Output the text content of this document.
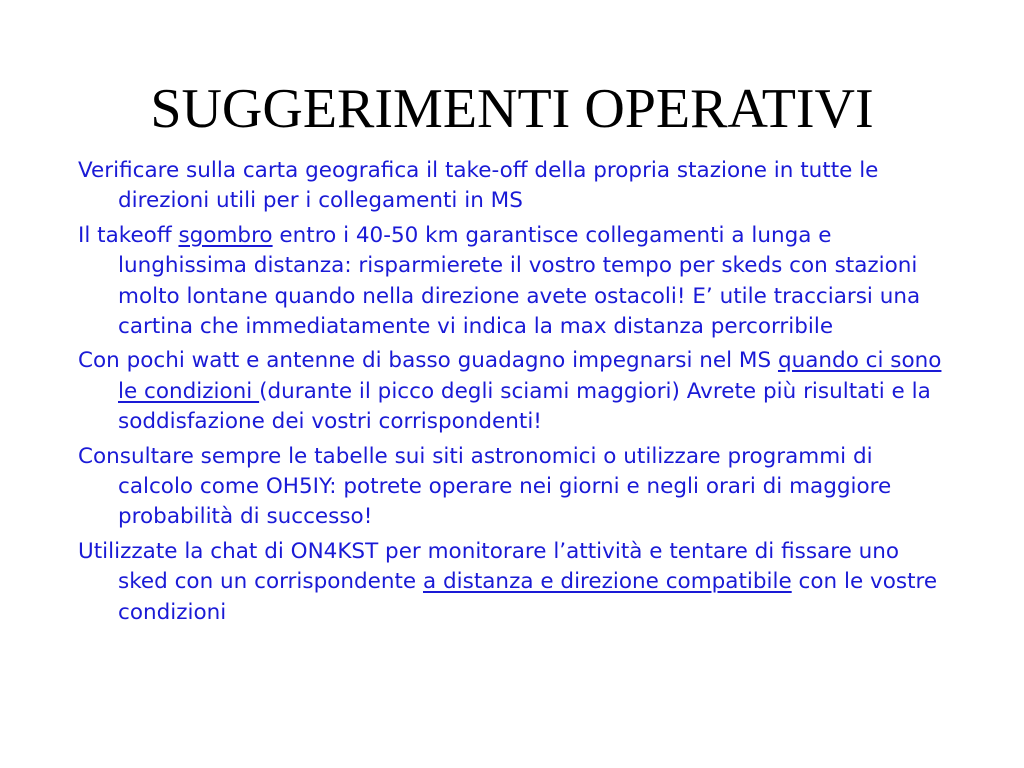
SUGGERIMENTI OPERATIVI

Verificare sulla carta geografica il take-off della propria stazione in tutte le direzioni utili per i collegamenti in MS

Il takeoff sgombro entro i 40-50 km garantisce collegamenti a lunga e lunghissima distanza: risparmierete il vostro tempo per skeds con stazioni molto lontane quando nella direzione avete ostacoli! E’ utile tracciarsi una cartina che immediatamente vi indica la max distanza percorribile

Con pochi watt e antenne di basso guadagno impegnarsi nel MS quando ci sono le condizioni (durante il picco degli sciami maggiori) Avrete più risultati e la soddisfazione dei vostri corrispondenti!

Consultare sempre le tabelle sui siti astronomici o utilizzare programmi di calcolo come OH5IY: potrete operare nei giorni e negli orari di maggiore probabilità di successo!

Utilizzate la chat di ON4KST per monitorare l’attività e tentare di fissare uno sked con un corrispondente a distanza e direzione compatibile con le vostre condizioni
